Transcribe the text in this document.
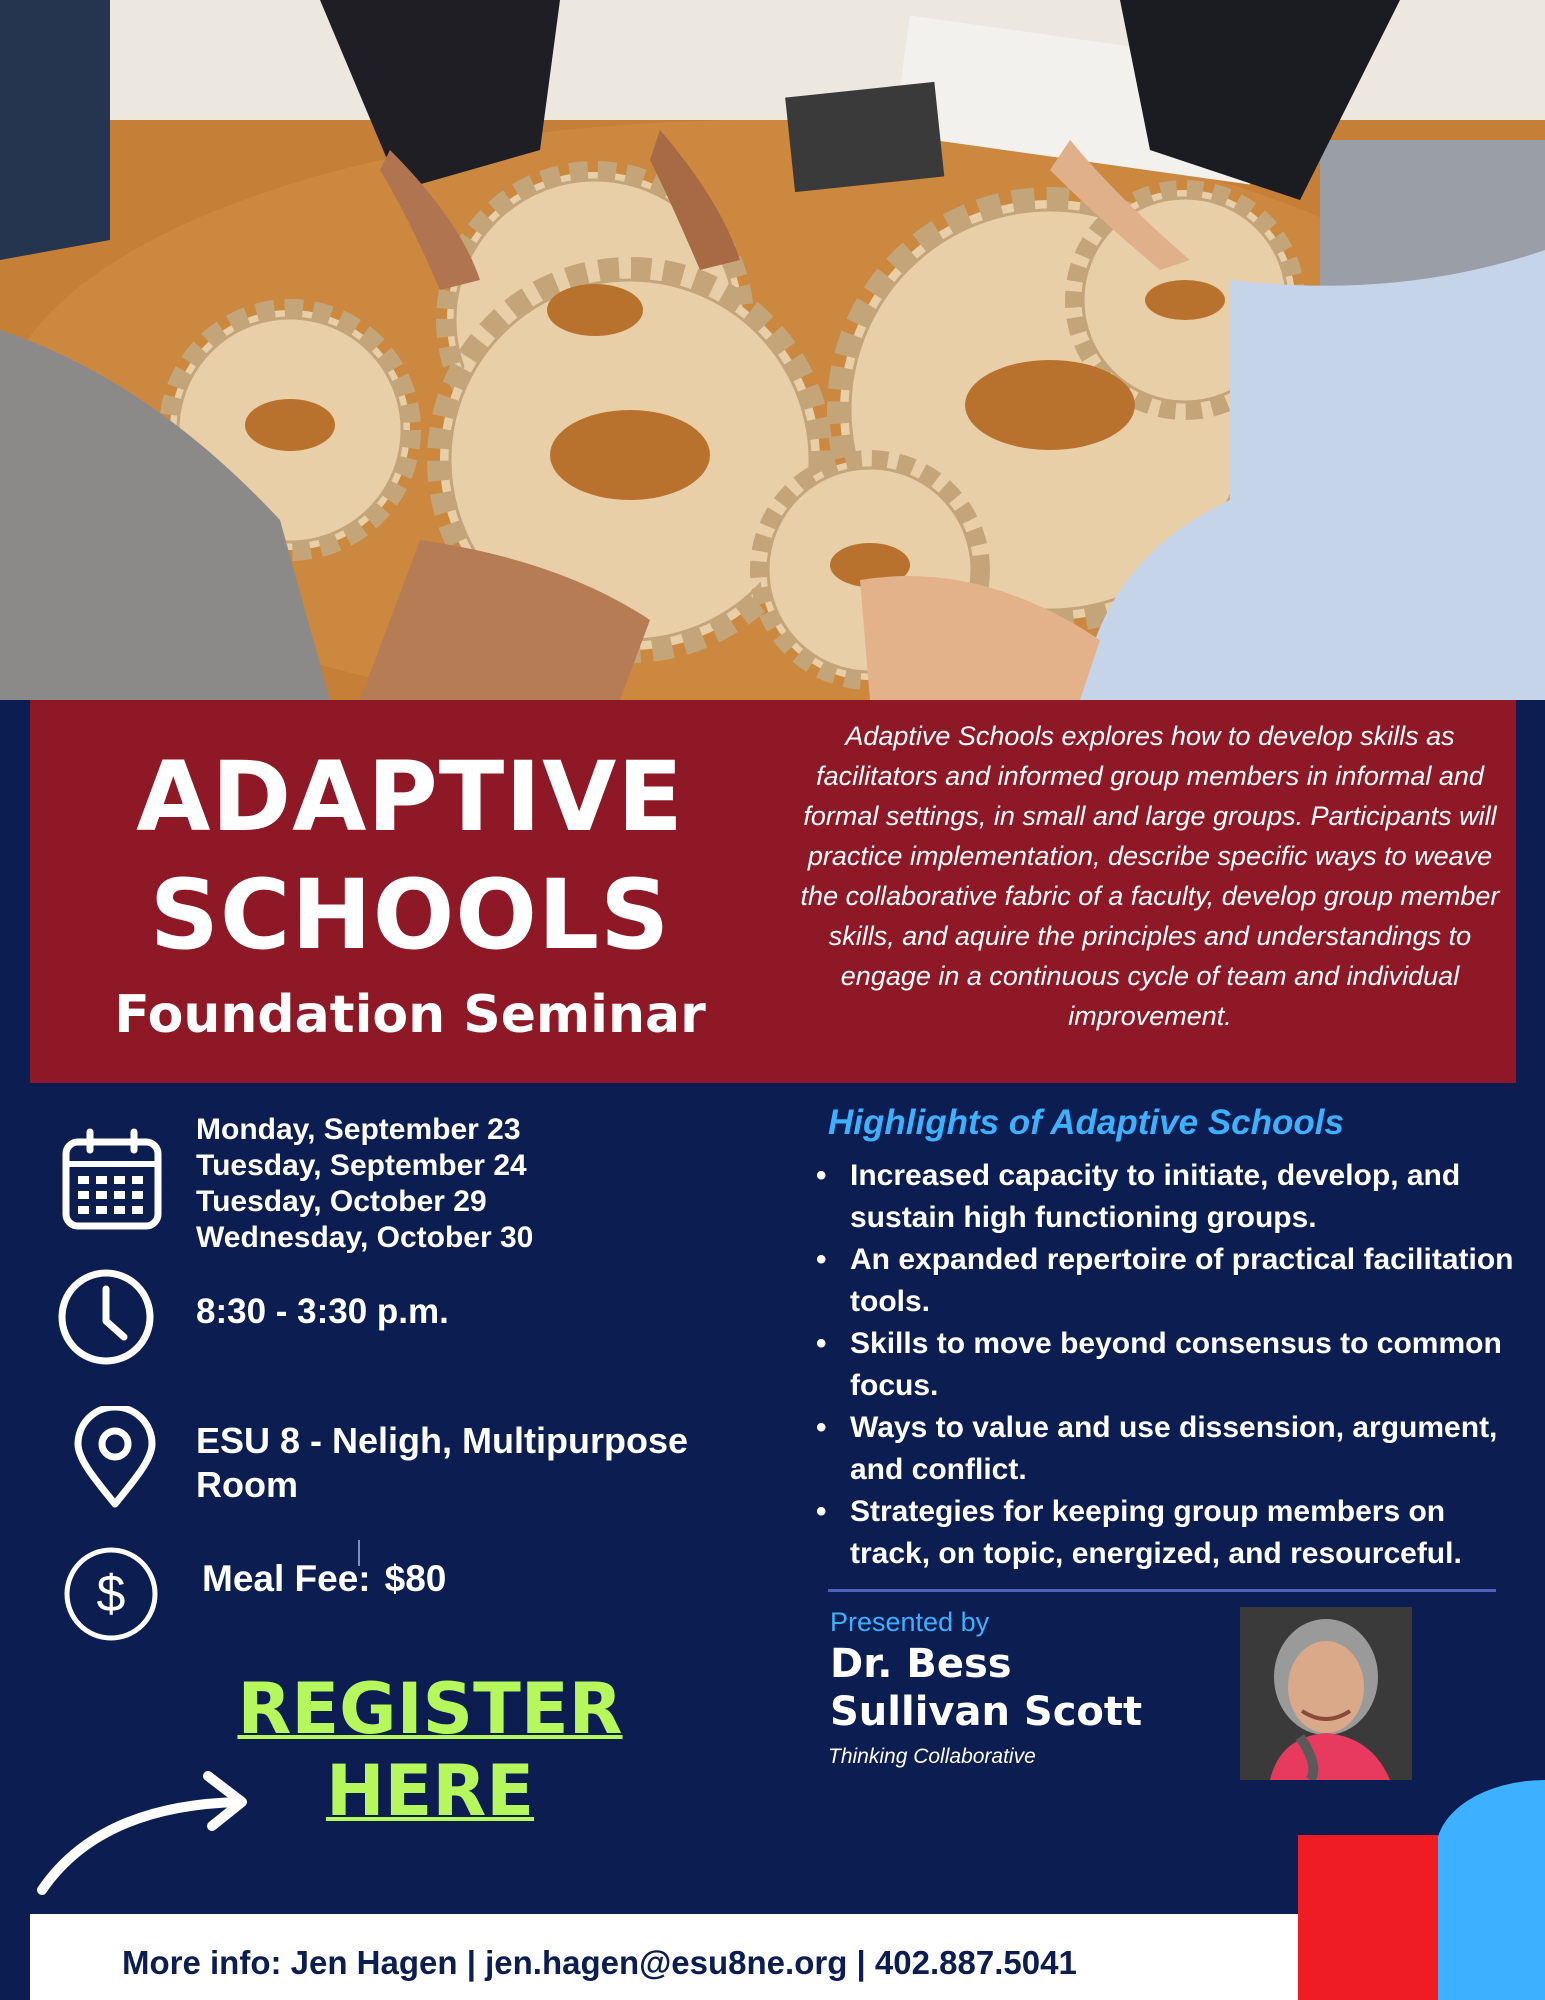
ADAPTIVE
SCHOOLS
Foundation Seminar
Adaptive Schools explores how to develop skills as facilitators and informed group members in informal and formal settings, in small and large groups. Participants will practice implementation, describe specific ways to weave the collaborative fabric of a faculty, develop group member skills, and aquire the principles and understandings to engage in a continuous cycle of team and individual improvement.
Monday, September 23
Tuesday, September 24
Tuesday, October 29
Wednesday, October 30
8:30 - 3:30 p.m.
ESU 8 - Neligh, Multipurpose Room
$ Meal Fee: $80
REGISTER
HERE
Highlights of Adaptive Schools
• Increased capacity to initiate, develop, and sustain high functioning groups.
• An expanded repertoire of practical facilitation tools.
• Skills to move beyond consensus to common focus.
• Ways to value and use dissension, argument, and conflict.
• Strategies for keeping group members on track, on topic, energized, and resourceful.
Presented by
Dr. Bess
Sullivan Scott
Thinking Collaborative
More info: Jen Hagen | jen.hagen@esu8ne.org | 402.887.5041
